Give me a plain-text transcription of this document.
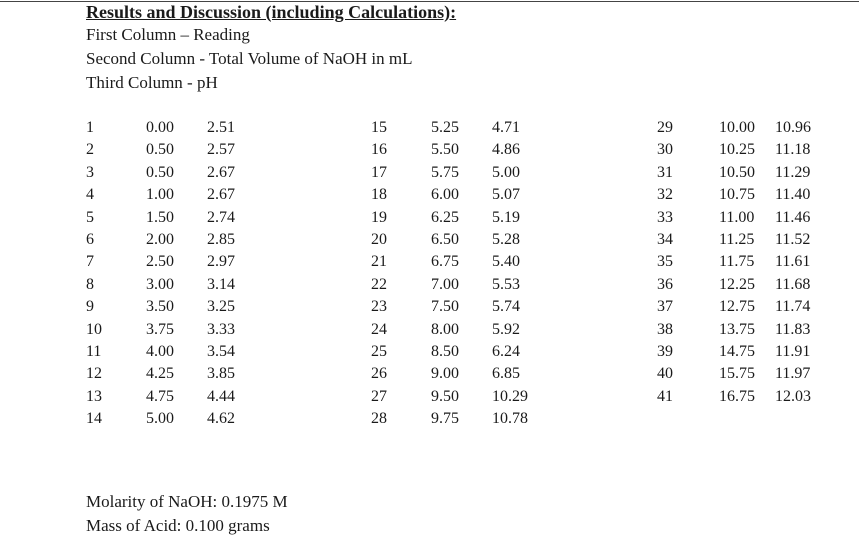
Results and Discussion (including Calculations):
First Column – Reading
Second Column - Total Volume of NaOH in mL
Third Column - pH
1	0.00 2.51
2	0.50 2.57
3	0.50 2.67
4	1.00 2.67
5	1.50 2.74
6	2.00 2.85
7	2.50 2.97
8	3.00 3.14
9	3.50 3.25
10	3.75 3.33
11	4.00 3.54
12	4.25 3.85
13	4.75 4.44
14	5.00 4.62
15	5.25 4.71
16	5.50 4.86
17	5.75 5.00
18	6.00 5.07
19	6.25 5.19
20	6.50 5.28
21	6.75 5.40
22	7.00 5.53
23	7.50 5.74
24	8.00 5.92
25	8.50 6.24
26	9.00 6.85
27	9.50 10.29
28	9.75 10.78
29	10.00 10.96
30	10.25 11.18
31	10.50 11.29
32	10.75 11.40
33	11.00 11.46
34	11.25 11.52
35	11.75 11.61
36	12.25 11.68
37	12.75 11.74
38	13.75 11.83
39	14.75 11.91
40	15.75 11.97
41	16.75 12.03
Molarity of NaOH: 0.1975 M
Mass of Acid: 0.100 grams
